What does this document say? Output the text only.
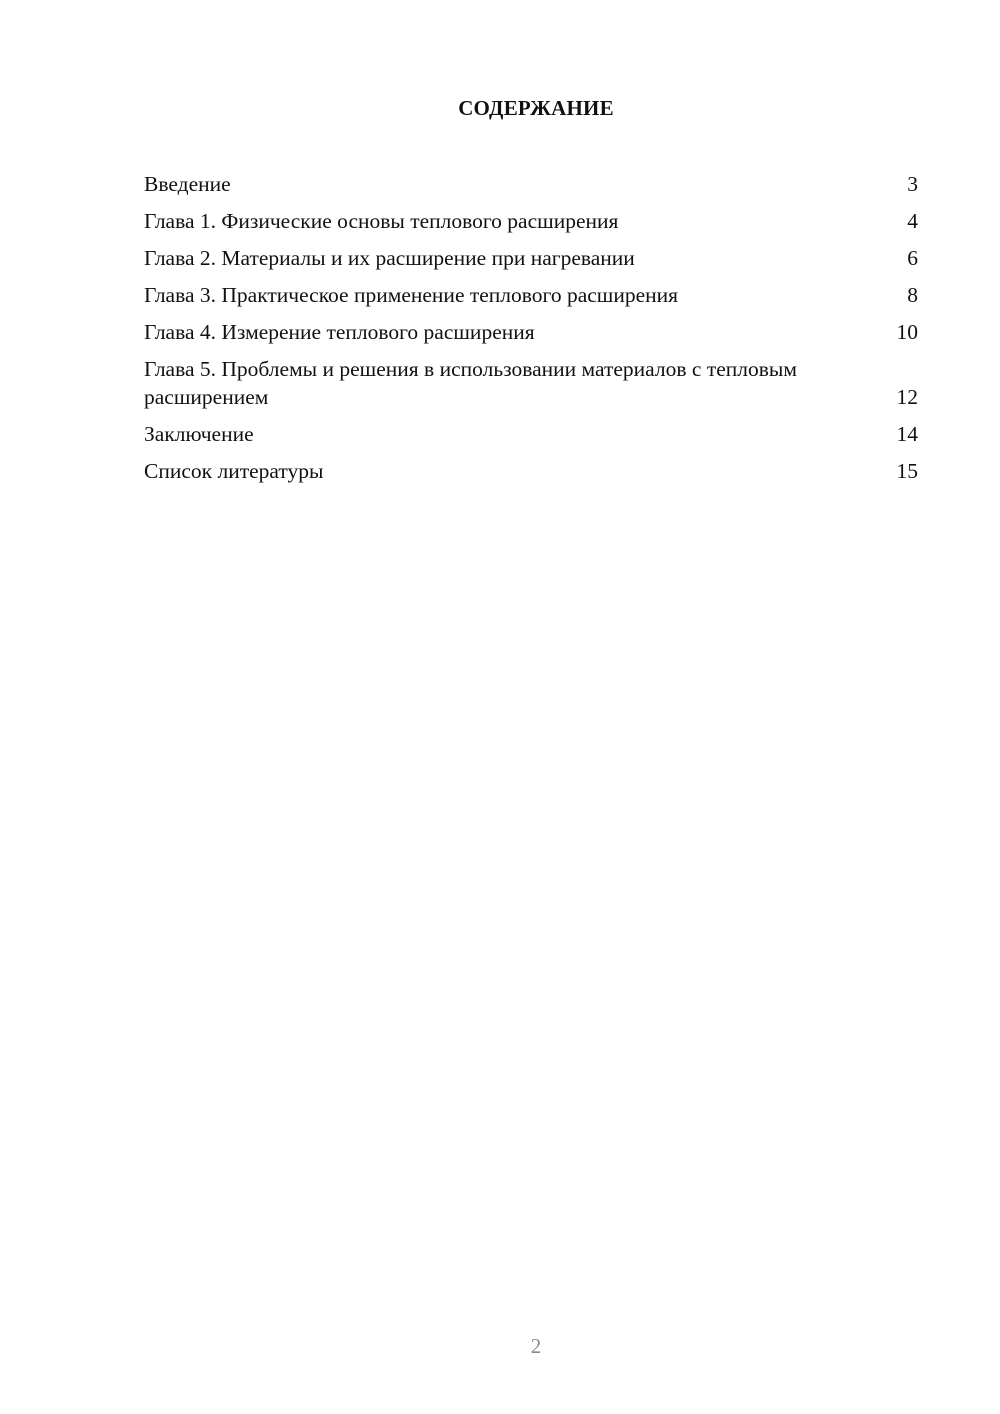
СОДЕРЖАНИЕ
Введение	3
Глава 1. Физические основы теплового расширения	4
Глава 2. Материалы и их расширение при нагревании	6
Глава 3. Практическое применение теплового расширения	8
Глава 4. Измерение теплового расширения	10
Глава 5. Проблемы и решения в использовании материалов с тепловым расширением	12
Заключение	14
Список литературы	15
2
